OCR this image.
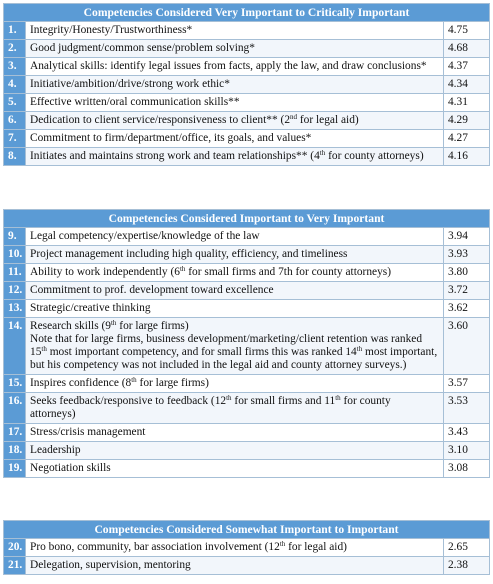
Competencies Considered Very Important to Critically Important		
1.	Integrity/Honesty/Trustworthiness*	4.75
2.	Good judgment/common sense/problem solving*	4.68
3.	Analytical skills: identify legal issues from facts, apply the law, and draw conclusions*	4.37
4.	Initiative/ambition/drive/strong work ethic*	4.34
5.	Effective written/oral communication skills**	4.31
6.	Dedication to client service/responsiveness to client** (2nd for legal aid)	4.29
7.	Commitment to firm/department/office, its goals, and values*	4.27
8.	Initiates and maintains strong work and team relationships** (4th for county attorneys)	4.16
Competencies Considered Important to Very Important		
9.	Legal competency/expertise/knowledge of the law	3.94
10.	Project management including high quality, efficiency, and timeliness	3.93
11.	Ability to work independently (6th for small firms and 7th for county attorneys)	3.80
12.	Commitment to prof. development toward excellence	3.72
13.	Strategic/creative thinking	3.62
14.	Research skills (9th for large firms)
Note that for large firms, business development/marketing/client retention was ranked 15th most important competency, and for small firms this was ranked 14th most important, but his competency was not included in the legal aid and county attorney surveys.)	3.60
15.	Inspires confidence (8th for large firms)	3.57
16.	Seeks feedback/responsive to feedback (12th for small firms and 11th for county attorneys)	3.53
17.	Stress/crisis management	3.43
18.	Leadership	3.10
19.	Negotiation skills	3.08
Competencies Considered Somewhat Important to Important		
20.	Pro bono, community, bar association involvement (12th for legal aid)	2.65
21.	Delegation, supervision, mentoring	2.38
